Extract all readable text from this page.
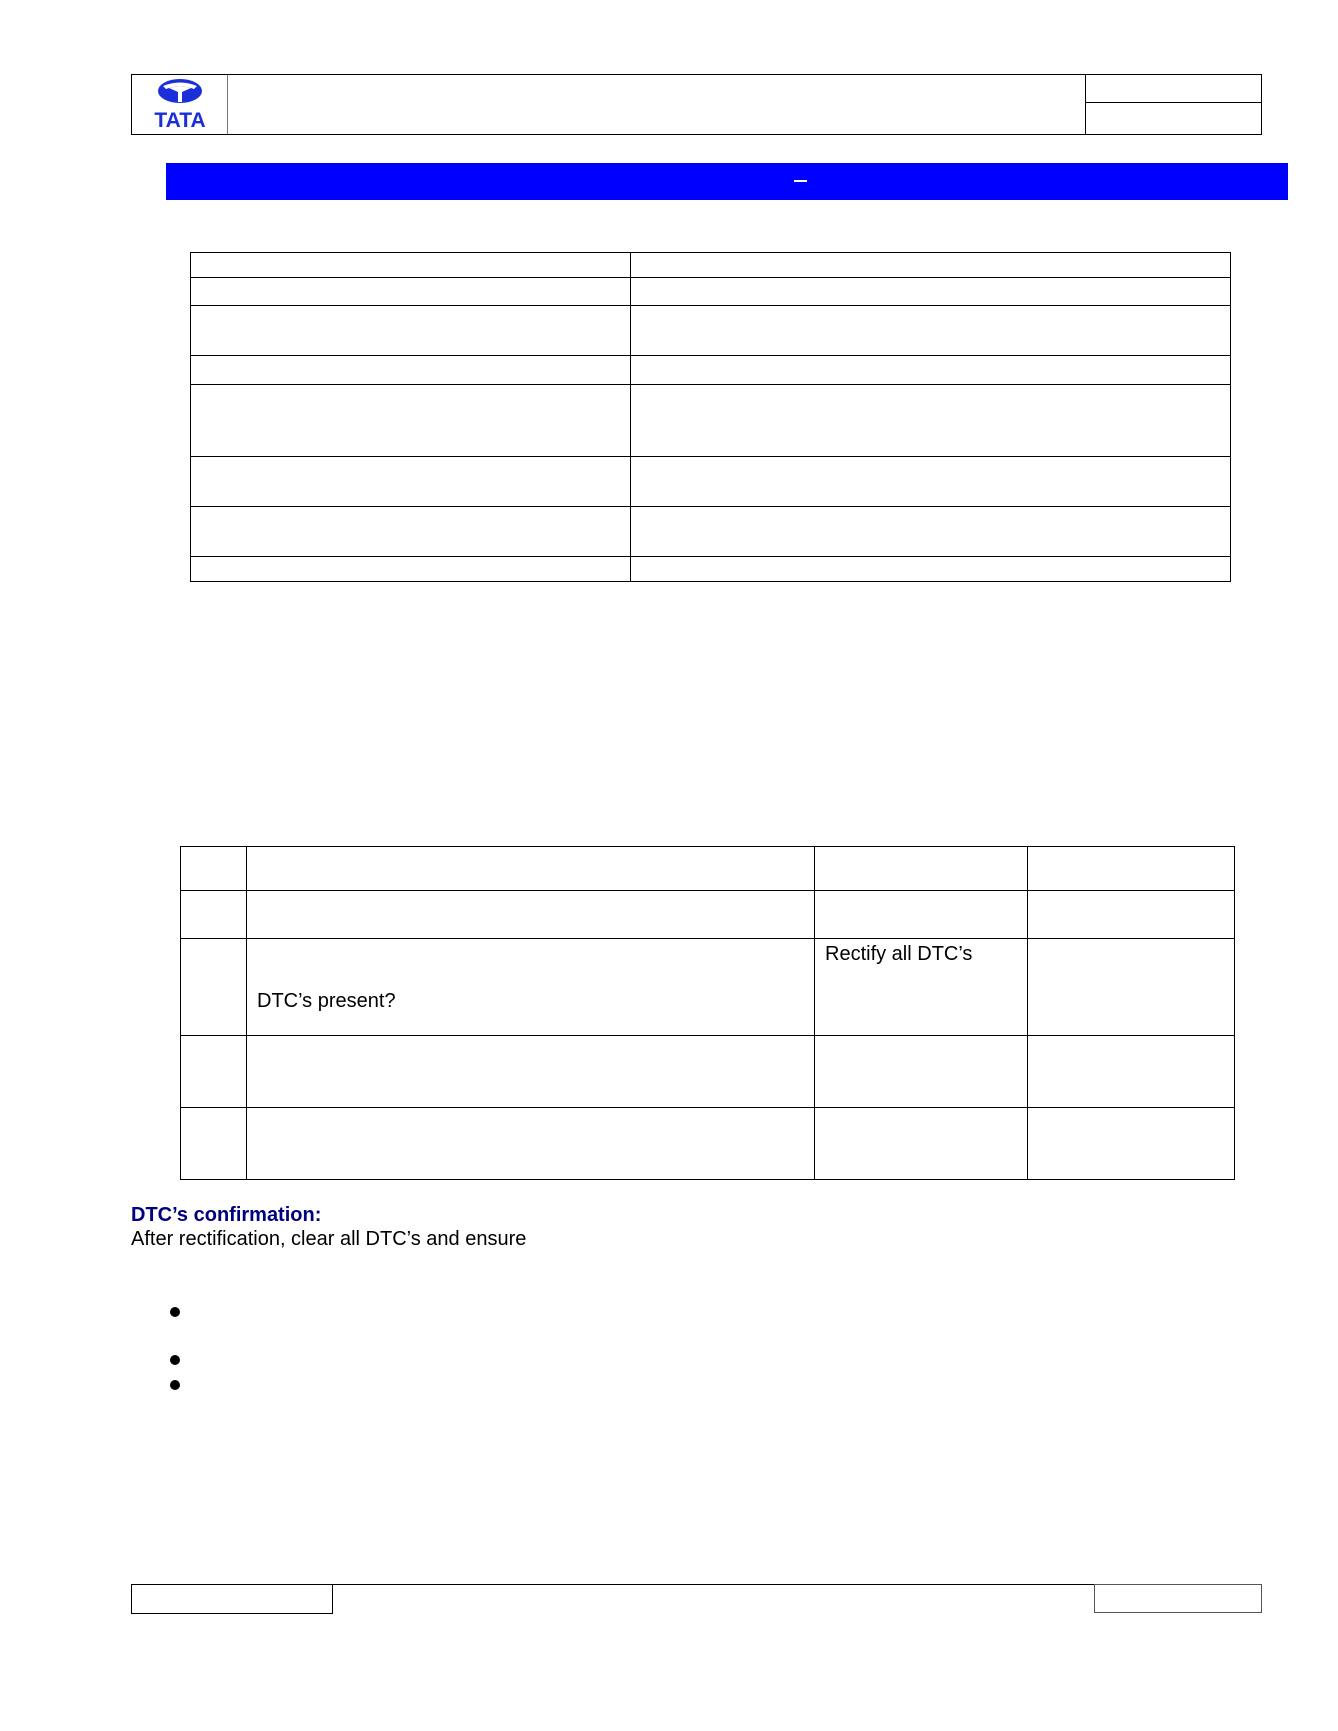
TATA

	DTC’s present?	Rectify all DTC’s	

DTC’s confirmation:
After rectification, clear all DTC’s and ensure
